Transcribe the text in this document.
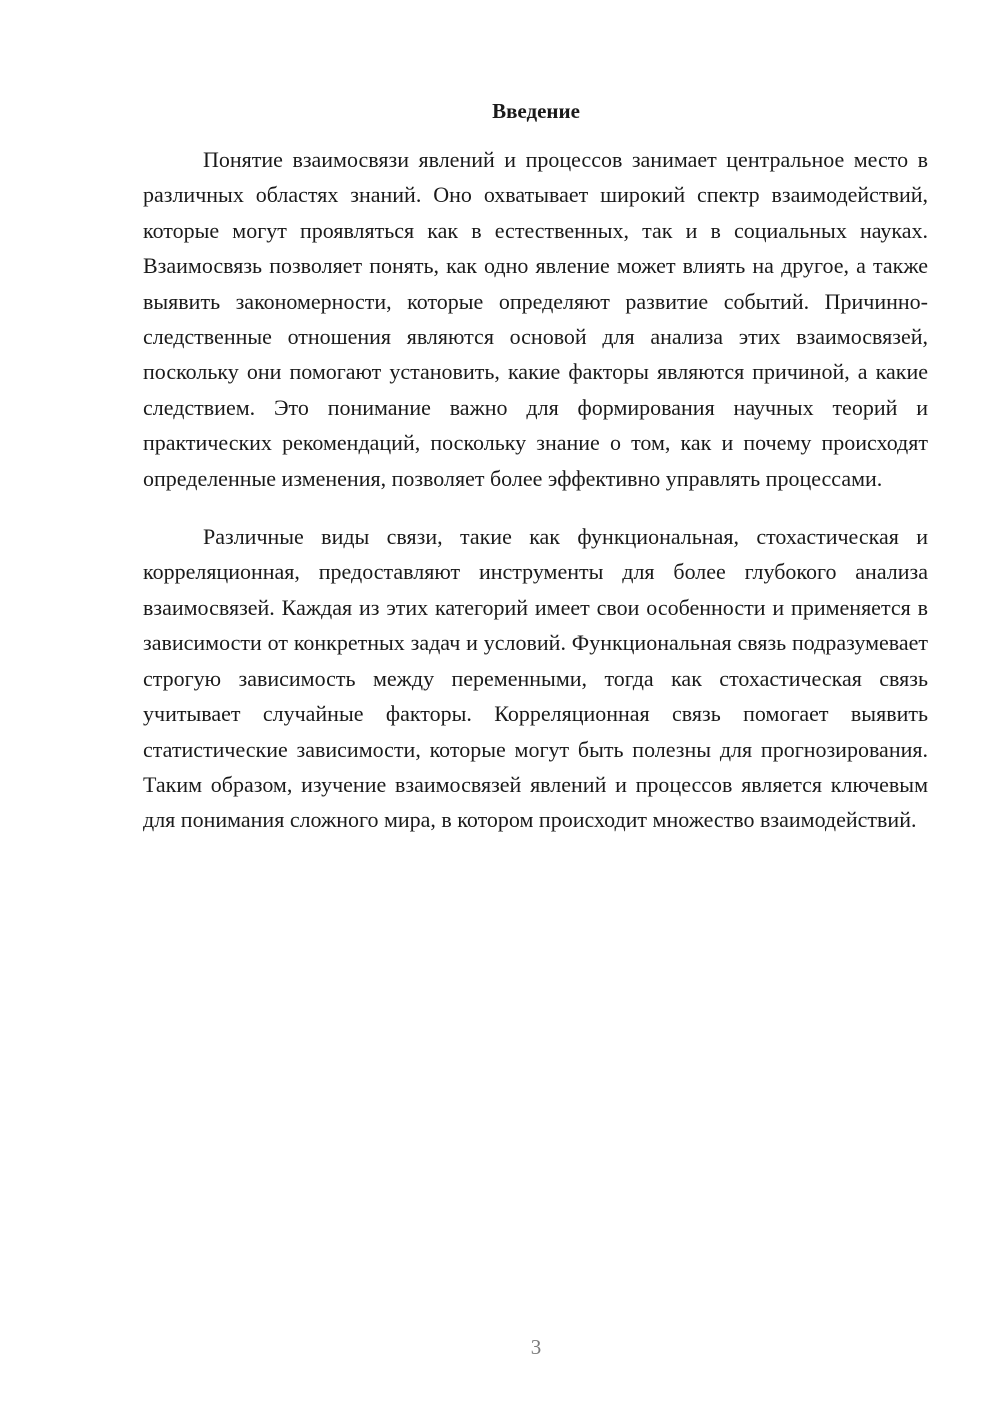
Введение

Понятие взаимосвязи явлений и процессов занимает центральное место в различных областях знаний. Оно охватывает широкий спектр взаимодействий, которые могут проявляться как в естественных, так и в социальных науках. Взаимосвязь позволяет понять, как одно явление может влиять на другое, а также выявить закономерности, которые определяют развитие событий. Причинно-следственные отношения являются основой для анализа этих взаимосвязей, поскольку они помогают установить, какие факторы являются причиной, а какие следствием. Это понимание важно для формирования научных теорий и практических рекомендаций, поскольку знание о том, как и почему происходят определенные изменения, позволяет более эффективно управлять процессами.

Различные виды связи, такие как функциональная, стохастическая и корреляционная, предоставляют инструменты для более глубокого анализа взаимосвязей. Каждая из этих категорий имеет свои особенности и применяется в зависимости от конкретных задач и условий. Функциональная связь подразумевает строгую зависимость между переменными, тогда как стохастическая связь учитывает случайные факторы. Корреляционная связь помогает выявить статистические зависимости, которые могут быть полезны для прогнозирования. Таким образом, изучение взаимосвязей явлений и процессов является ключевым для понимания сложного мира, в котором происходит множество взаимодействий.

3
